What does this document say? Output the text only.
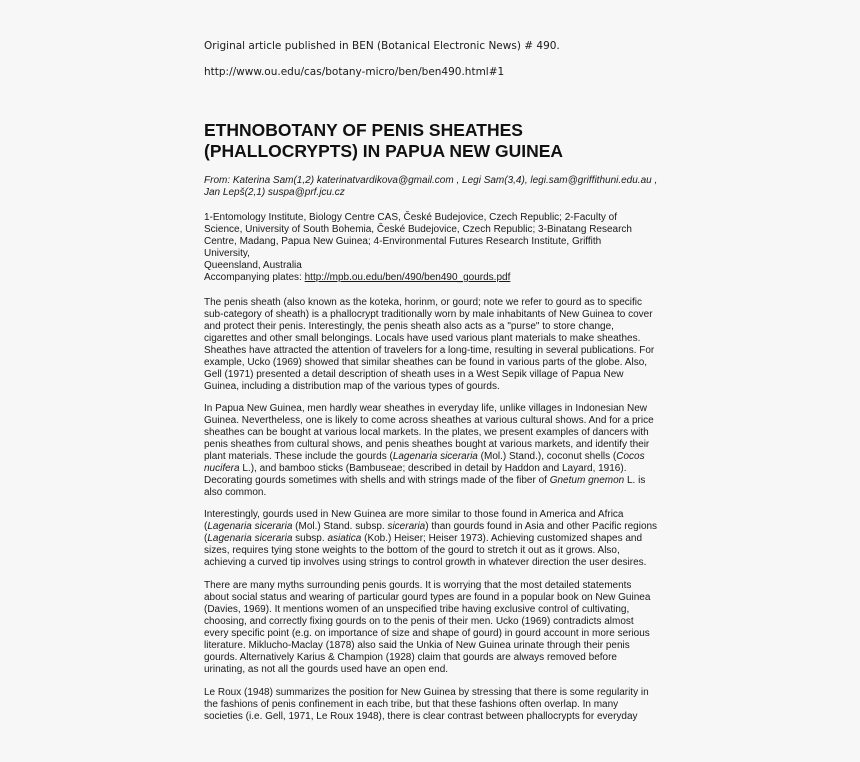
Original article published in BEN (Botanical Electronic News) # 490.
http://www.ou.edu/cas/botany-micro/ben/ben490.html#1
ETHNOBOTANY OF PENIS SHEATHES
(PHALLOCRYPTS) IN PAPUA NEW GUINEA
From: Katerina Sam(1,2) katerinatvardikova@gmail.com , Legi Sam(3,4), legi.sam@griffithuni.edu.au ,
Jan Lepš(2,1) suspa@prf.jcu.cz
1-Entomology Institute, Biology Centre CAS, České Budejovice, Czech Republic; 2-Faculty of
Science, University of South Bohemia, České Budejovice, Czech Republic; 3-Binatang Research
Centre, Madang, Papua New Guinea; 4-Environmental Futures Research Institute, Griffith University,
Queensland, Australia
Accompanying plates: http://mpb.ou.edu/ben/490/ben490_gourds.pdf
The penis sheath (also known as the koteka, horinm, or gourd; note we refer to gourd as to specific
sub-category of sheath) is a phallocrypt traditionally worn by male inhabitants of New Guinea to cover
and protect their penis. Interestingly, the penis sheath also acts as a "purse" to store change,
cigarettes and other small belongings. Locals have used various plant materials to make sheathes.
Sheathes have attracted the attention of travelers for a long-time, resulting in several publications. For
example, Ucko (1969) showed that similar sheathes can be found in various parts of the globe. Also,
Gell (1971) presented a detail description of sheath uses in a West Sepik village of Papua New
Guinea, including a distribution map of the various types of gourds.
In Papua New Guinea, men hardly wear sheathes in everyday life, unlike villages in Indonesian New
Guinea. Nevertheless, one is likely to come across sheathes at various cultural shows. And for a price
sheathes can be bought at various local markets. In the plates, we present examples of dancers with
penis sheathes from cultural shows, and penis sheathes bought at various markets, and identify their
plant materials. These include the gourds (Lagenaria siceraria (Mol.) Stand.), coconut shells (Cocos
nucifera L.), and bamboo sticks (Bambuseae; described in detail by Haddon and Layard, 1916).
Decorating gourds sometimes with shells and with strings made of the fiber of Gnetum gnemon L. is
also common.
Interestingly, gourds used in New Guinea are more similar to those found in America and Africa
(Lagenaria siceraria (Mol.) Stand. subsp. siceraria) than gourds found in Asia and other Pacific regions
(Lagenaria siceraria subsp. asiatica (Kob.) Heiser; Heiser 1973). Achieving customized shapes and
sizes, requires tying stone weights to the bottom of the gourd to stretch it out as it grows. Also,
achieving a curved tip involves using strings to control growth in whatever direction the user desires.
There are many myths surrounding penis gourds. It is worrying that the most detailed statements
about social status and wearing of particular gourd types are found in a popular book on New Guinea
(Davies, 1969). It mentions women of an unspecified tribe having exclusive control of cultivating,
choosing, and correctly fixing gourds on to the penis of their men. Ucko (1969) contradicts almost
every specific point (e.g. on importance of size and shape of gourd) in gourd account in more serious
literature. Miklucho-Maclay (1878) also said the Unkia of New Guinea urinate through their penis
gourds. Alternatively Karius & Champion (1928) claim that gourds are always removed before
urinating, as not all the gourds used have an open end.
Le Roux (1948) summarizes the position for New Guinea by stressing that there is some regularity in
the fashions of penis confinement in each tribe, but that these fashions often overlap. In many
societies (i.e. Gell, 1971, Le Roux 1948), there is clear contrast between phallocrypts for everyday
